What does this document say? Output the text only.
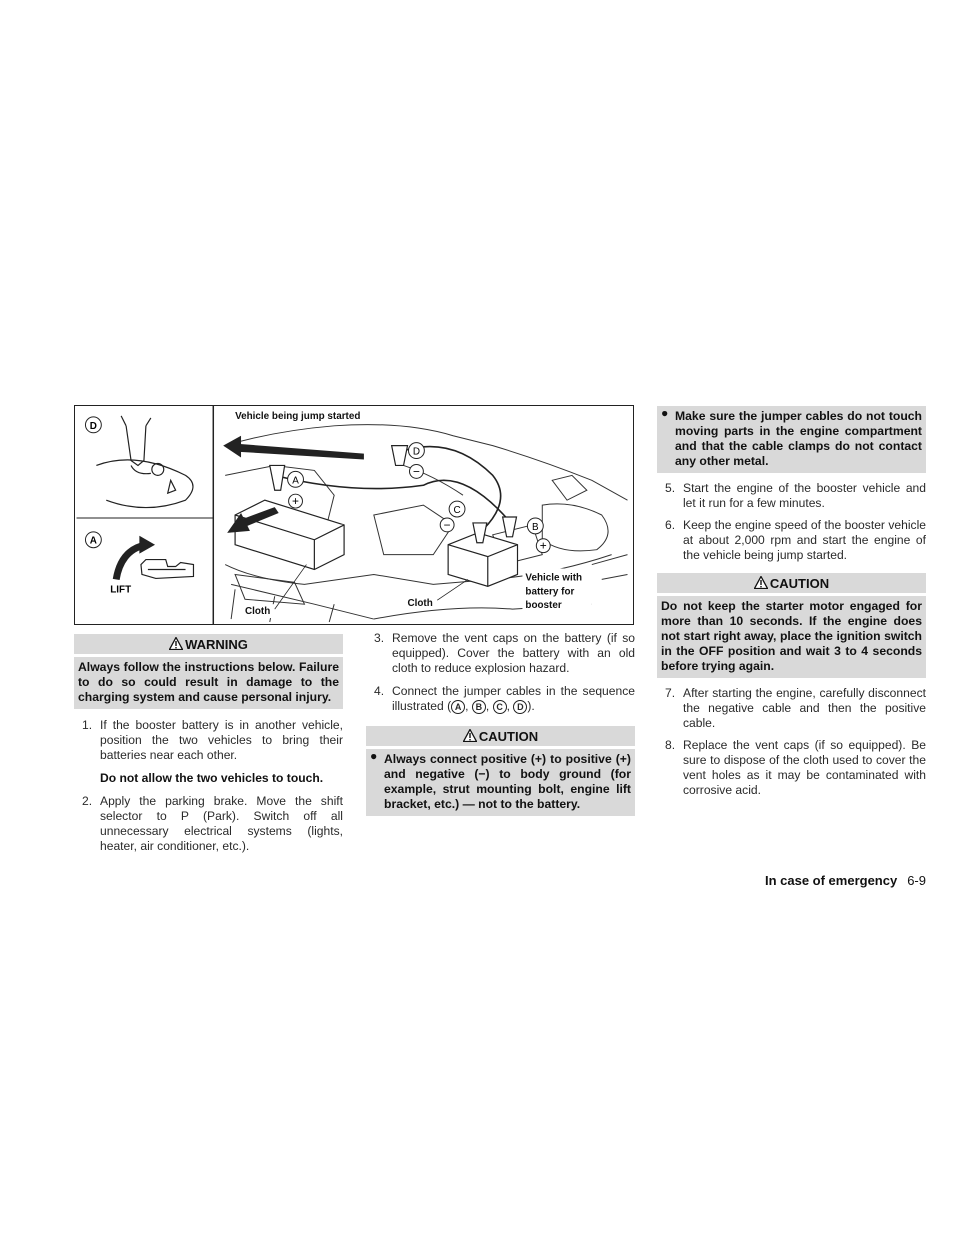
D
A
LIFT
A
+
D
−
C
−	B
+
Vehicle being jump started
Cloth
Cloth
Vehicle with
battery for
booster
WARNING
Always follow the instructions below. Failure to do so could result in damage to the charging system and cause personal injury.
1. If the booster battery is in another vehicle, position the two vehicles to bring their batteries near each other.
Do not allow the two vehicles to touch.
2. Apply the parking brake. Move the shift selector to P (Park). Switch off all unnecessary electrical systems (lights, heater, air conditioner, etc.).
3. Remove the vent caps on the battery (if so equipped). Cover the battery with an old cloth to reduce explosion hazard.
4. Connect the jumper cables in the sequence illustrated ( A , B , C , D ).
CAUTION
● Always connect positive (+) to positive (+) and negative (−) to body ground (for example, strut mounting bolt, engine lift bracket, etc.) — not to the battery.
● Make sure the jumper cables do not touch moving parts in the engine compartment and that the cable clamps do not contact any other metal.
5. Start the engine of the booster vehicle and let it run for a few minutes.
6. Keep the engine speed of the booster vehicle at about 2,000 rpm and start the engine of the vehicle being jump started.
CAUTION
Do not keep the starter motor engaged for more than 10 seconds. If the engine does not start right away, place the ignition switch in the OFF position and wait 3 to 4 seconds before trying again.
7. After starting the engine, carefully disconnect the negative cable and then the positive cable.
8. Replace the vent caps (if so equipped). Be sure to dispose of the cloth used to cover the vent holes as it may be contaminated with corrosive acid.
In case of emergency 6-9
